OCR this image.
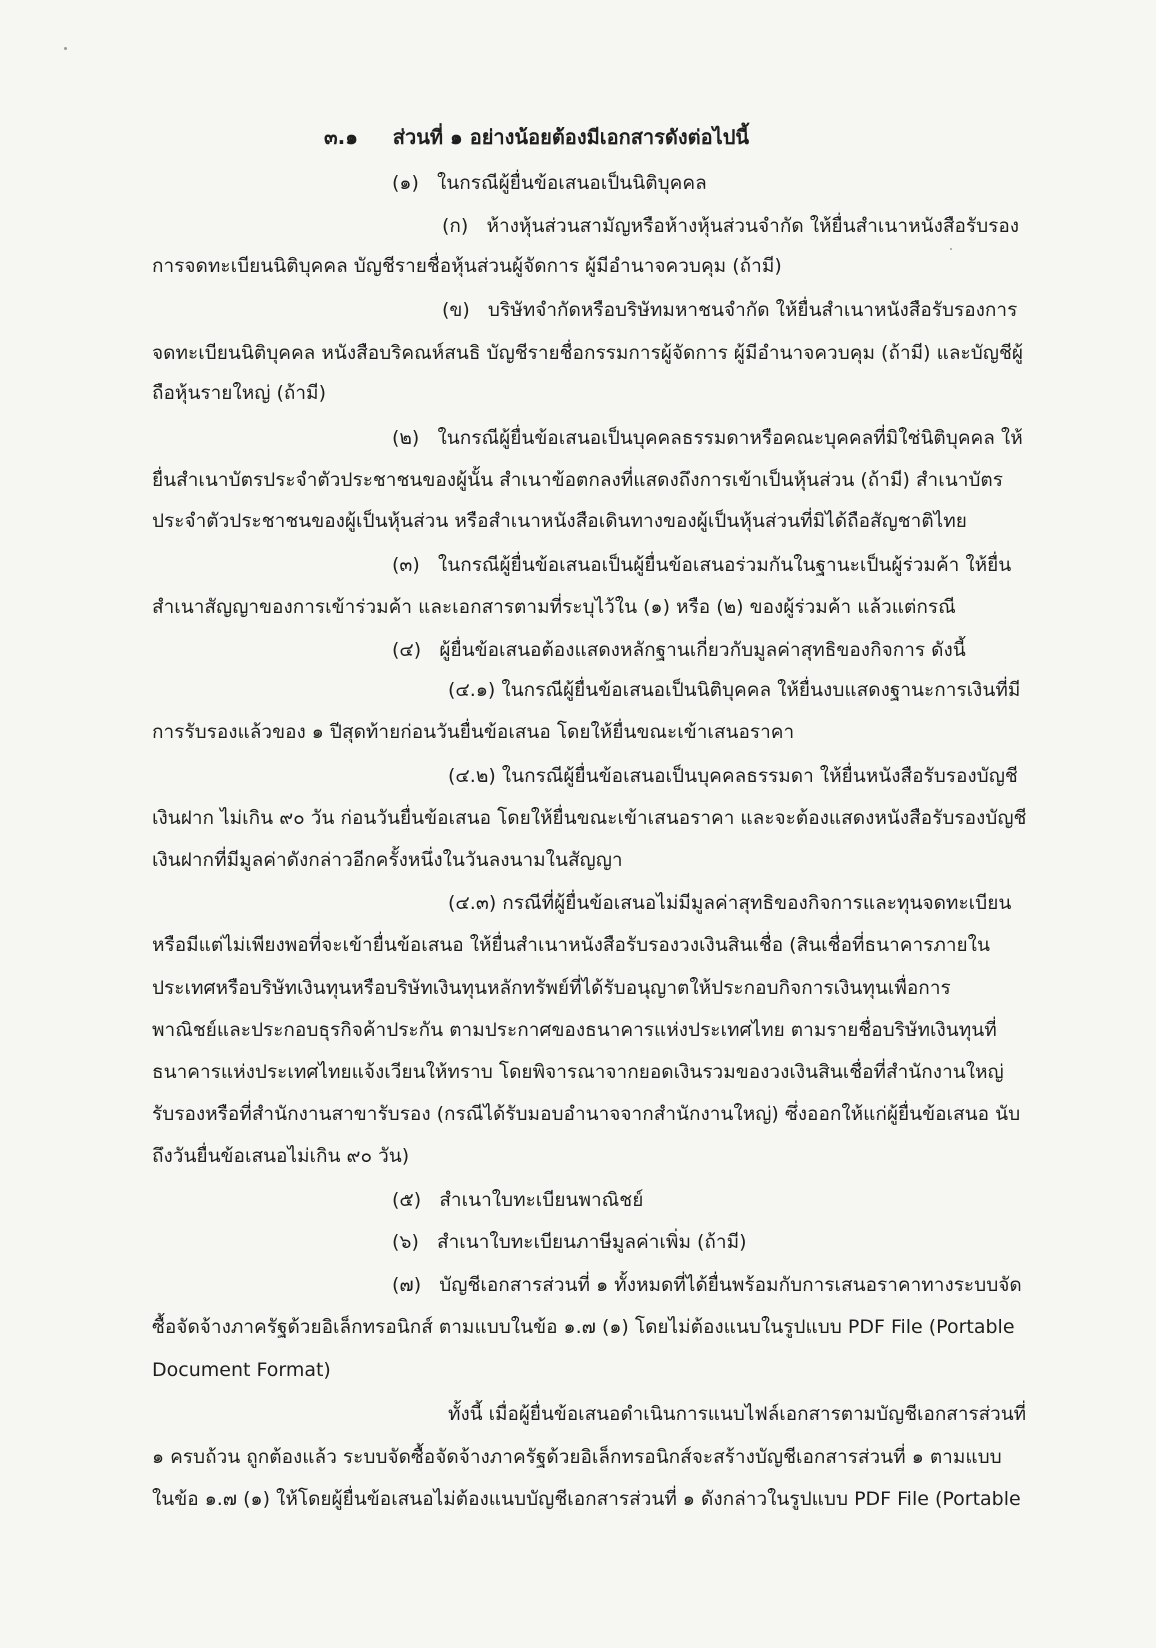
๓.๑     ส่วนที่ ๑ อย่างน้อยต้องมีเอกสารดังต่อไปนี้
(๑)   ในกรณีผู้ยื่นข้อเสนอเป็นนิติบุคคล
(ก)   ห้างหุ้นส่วนสามัญหรือห้างหุ้นส่วนจำกัด ให้ยื่นสำเนาหนังสือรับรอง
การจดทะเบียนนิติบุคคล บัญชีรายชื่อหุ้นส่วนผู้จัดการ ผู้มีอำนาจควบคุม (ถ้ามี)
(ข)   บริษัทจำกัดหรือบริษัทมหาชนจำกัด ให้ยื่นสำเนาหนังสือรับรองการ
จดทะเบียนนิติบุคคล หนังสือบริคณห์สนธิ บัญชีรายชื่อกรรมการผู้จัดการ ผู้มีอำนาจควบคุม (ถ้ามี) และบัญชีผู้
ถือหุ้นรายใหญ่ (ถ้ามี)
(๒)   ในกรณีผู้ยื่นข้อเสนอเป็นบุคคลธรรมดาหรือคณะบุคคลที่มิใช่นิติบุคคล ให้
ยื่นสำเนาบัตรประจำตัวประชาชนของผู้นั้น สำเนาข้อตกลงที่แสดงถึงการเข้าเป็นหุ้นส่วน (ถ้ามี) สำเนาบัตร
ประจำตัวประชาชนของผู้เป็นหุ้นส่วน หรือสำเนาหนังสือเดินทางของผู้เป็นหุ้นส่วนที่มิได้ถือสัญชาติไทย
(๓)   ในกรณีผู้ยื่นข้อเสนอเป็นผู้ยื่นข้อเสนอร่วมกันในฐานะเป็นผู้ร่วมค้า ให้ยื่น
สำเนาสัญญาของการเข้าร่วมค้า และเอกสารตามที่ระบุไว้ใน (๑) หรือ (๒) ของผู้ร่วมค้า แล้วแต่กรณี
(๔)   ผู้ยื่นข้อเสนอต้องแสดงหลักฐานเกี่ยวกับมูลค่าสุทธิของกิจการ ดังนี้
(๔.๑) ในกรณีผู้ยื่นข้อเสนอเป็นนิติบุคคล ให้ยื่นงบแสดงฐานะการเงินที่มี
การรับรองแล้วของ ๑ ปีสุดท้ายก่อนวันยื่นข้อเสนอ โดยให้ยื่นขณะเข้าเสนอราคา
(๔.๒) ในกรณีผู้ยื่นข้อเสนอเป็นบุคคลธรรมดา ให้ยื่นหนังสือรับรองบัญชี
เงินฝาก ไม่เกิน ๙๐ วัน ก่อนวันยื่นข้อเสนอ โดยให้ยื่นขณะเข้าเสนอราคา และจะต้องแสดงหนังสือรับรองบัญชี
เงินฝากที่มีมูลค่าดังกล่าวอีกครั้งหนึ่งในวันลงนามในสัญญา
(๔.๓) กรณีที่ผู้ยื่นข้อเสนอไม่มีมูลค่าสุทธิของกิจการและทุนจดทะเบียน
หรือมีแต่ไม่เพียงพอที่จะเข้ายื่นข้อเสนอ ให้ยื่นสำเนาหนังสือรับรองวงเงินสินเชื่อ (สินเชื่อที่ธนาคารภายใน
ประเทศหรือบริษัทเงินทุนหรือบริษัทเงินทุนหลักทรัพย์ที่ได้รับอนุญาตให้ประกอบกิจการเงินทุนเพื่อการ
พาณิชย์และประกอบธุรกิจค้าประกัน ตามประกาศของธนาคารแห่งประเทศไทย ตามรายชื่อบริษัทเงินทุนที่
ธนาคารแห่งประเทศไทยแจ้งเวียนให้ทราบ โดยพิจารณาจากยอดเงินรวมของวงเงินสินเชื่อที่สำนักงานใหญ่
รับรองหรือที่สำนักงานสาขารับรอง (กรณีได้รับมอบอำนาจจากสำนักงานใหญ่) ซึ่งออกให้แก่ผู้ยื่นข้อเสนอ นับ
ถึงวันยื่นข้อเสนอไม่เกิน ๙๐ วัน)
(๕)   สำเนาใบทะเบียนพาณิชย์
(๖)   สำเนาใบทะเบียนภาษีมูลค่าเพิ่ม (ถ้ามี)
(๗)   บัญชีเอกสารส่วนที่ ๑ ทั้งหมดที่ได้ยื่นพร้อมกับการเสนอราคาทางระบบจัด
ซื้อจัดจ้างภาครัฐด้วยอิเล็กทรอนิกส์ ตามแบบในข้อ ๑.๗ (๑) โดยไม่ต้องแนบในรูปแบบ PDF File (Portable
Document Format)
ทั้งนี้ เมื่อผู้ยื่นข้อเสนอดำเนินการแนบไฟล์เอกสารตามบัญชีเอกสารส่วนที่
๑ ครบถ้วน ถูกต้องแล้ว ระบบจัดซื้อจัดจ้างภาครัฐด้วยอิเล็กทรอนิกส์จะสร้างบัญชีเอกสารส่วนที่ ๑ ตามแบบ
ในข้อ ๑.๗ (๑) ให้โดยผู้ยื่นข้อเสนอไม่ต้องแนบบัญชีเอกสารส่วนที่ ๑ ดังกล่าวในรูปแบบ PDF File (Portable
